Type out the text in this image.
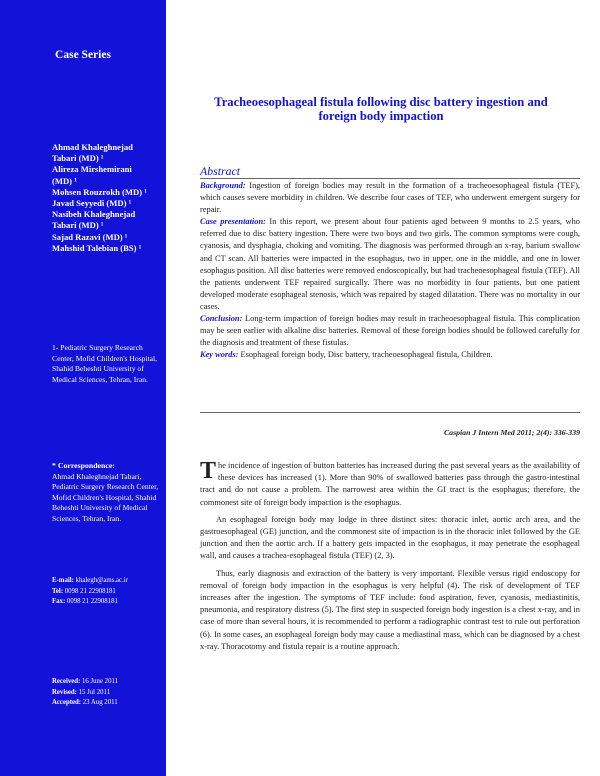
Case Series
Ahmad Khaleghnejad
Tabari (MD) ¹
Alireza Mirshemirani
(MD) ¹
Mohsen Rouzrokh (MD) ¹
Javad Seyyedi (MD) ¹
Nasibeh Khaleghnejad
Tabari (MD) ¹
Sajad Razavi (MD) ¹
Mahshid Talebian (BS) ¹
1- Pediatric Surgery Research Center, Mofid Children's Hospital, Shahid Beheshti University of Medical Sciences, Tehran, Iran.
* Correspondence:
Ahmad Khaleghnejad Tabari, Pediatric Surgery Research Center, Mofid Children's Hospital, Shahid Beheshti University of Medical Sciences, Tehran, Iran.
E-mail: khalegh@ams.ac.ir
Tel: 0098 21 22908181
Fax: 0098 21 22908181
Received: 16 June 2011
Revised: 15 Jul 2011
Accepted: 23 Aug 2011
Tracheoesophageal fistula following disc battery ingestion and foreign body impaction
Abstract

Background: Ingestion of foreign bodies may result in the formation of a tracheoesophageal fistula (TEF), which causes severe morbidity in children. We describe four cases of TEF, who underwent emergent surgery for repair.

Case presentation: In this report, we present about four patients aged between 9 months to 2.5 years, who referred due to disc battery ingestion. There were two boys and two girls. The common symptoms were cough, cyanosis, and dysphagia, choking and vomiting. The diagnosis was performed through an x-ray, barium swallow and CT scan. All batteries were impacted in the esophagus, two in upper, one in the middle, and one in lower esophagus position. All disc batteries were removed endoscopically, but had tracheoesophageal fistula (TEF). All the patients underwent TEF repaired surgically. There was no morbidity in four patients, but one patient developed moderate esophageal stenosis, which was repaired by staged dilatation. There was no mortality in our cases.

Conclusion: Long-term impaction of foreign bodies may result in tracheoesophageal fistula. This complication may be seen earlier with alkaline disc batteries. Removal of these foreign bodies should be followed carefully for the diagnosis and treatment of these fistulas.

Key words: Esophageal foreign body, Disc battery, tracheoesophageal fistula, Children.

Caspian J Intern Med 2011; 2(4): 336-339

The incidence of ingestion of button batteries has increased during the past several years as the availability of these devices has increased (1). More than 90% of swallowed batteries pass through the gastro-intestinal tract and do not cause a problem. The narrowest area within the GI tract is the esophagus; therefore, the commonest site of foreign body impaction is the esophagus.

An esophageal foreign body may lodge in three distinct sites: thoracic inlet, aortic arch area, and the gastroesophageal (GE) junction, and the commonest site of impaction is in the thoracic inlet followed by the GE junction and then the aortic arch. If a battery gets impacted in the esophagus, it may penetrate the esophageal wall, and causes a trachea-esophageal fistula (TEF) (2, 3).

Thus, early diagnosis and extraction of the battery is very important. Flexible versus rigid endoscopy for removal of foreign body impaction in the esophagus is very helpful (4). The risk of development of TEF increases after the ingestion. The symptoms of TEF include: food aspiration, fever, cyanosis, mediastinitis, pneumonia, and respiratory distress (5). The first step in suspected foreign body ingestion is a chest x-ray, and in case of more than several hours, it is recommended to perform a radiographic contrast test to rule out perforation (6). In some cases, an esophageal foreign body may cause a mediastinal mass, which can be diagnosed by a chest x-ray. Thoracotomy and fistula repair is a routine approach.
